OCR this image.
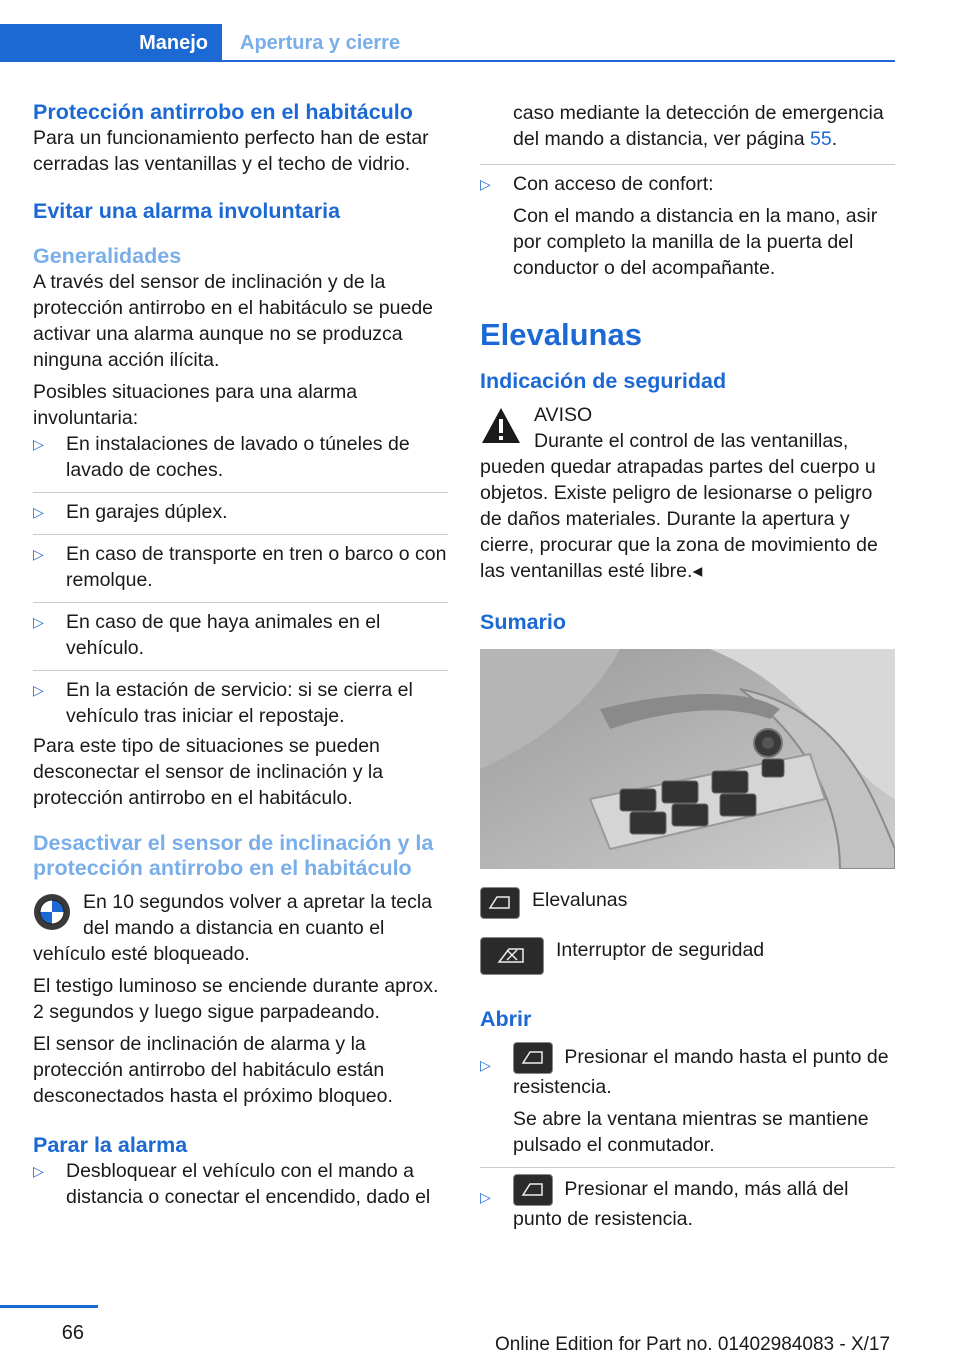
Manejo	Apertura y cierre
Protección antirrobo en el habitáculo

Para un funcionamiento perfecto han de estar cerradas las ventanillas y el techo de vidrio.

Evitar una alarma involuntaria
Generalidades

A través del sensor de inclinación y de la protección antirrobo en el habitáculo se puede activar una alarma aunque no se produzca ninguna acción ilícita.

Posibles situaciones para una alarma involuntaria:

▷ En instalaciones de lavado o túneles de lavado de coches.
▷ En garajes dúplex.
▷ En caso de transporte en tren o barco o con remolque.
▷ En caso de que haya animales en el vehículo.
▷ En la estación de servicio: si se cierra el vehículo tras iniciar el repostaje.

Para este tipo de situaciones se pueden desconectar el sensor de inclinación y la protección antirrobo en el habitáculo.

Desactivar el sensor de inclinación y la protección antirrobo en el habitáculo

En 10 segundos volver a apretar la tecla del mando a distancia en cuanto el vehículo esté bloqueado.

El testigo luminoso se enciende durante aprox. 2 segundos y luego sigue parpadeando.

El sensor de inclinación de alarma y la protección antirrobo del habitáculo están desconectados hasta el próximo bloqueo.

Parar la alarma
▷ Desbloquear el vehículo con el mando a distancia o conectar el encendido, dado el
caso mediante la detección de emergencia del mando a distancia, ver página 55.
▷ Con acceso de confort:

Con el mando a distancia en la mano, asir por completo la manilla de la puerta del conductor o del acompañante.

Elevalunas
Indicación de seguridad

AVISO

Durante el control de las ventanillas, pueden quedar atrapadas partes del cuerpo u objetos. Existe peligro de lesionarse o peligro de daños materiales. Durante la apertura y cierre, procurar que la zona de movimiento de las ventanillas esté libre.◂

Sumario
Elevalunas
Interruptor de seguridad
Abrir
▷	Presionar el mando hasta el punto de resistencia.

Se abre la ventana mientras se mantiene pulsado el conmutador.

▷	Presionar el mando, más allá del punto de resistencia.
66
Online Edition for Part no. 01402984083 - X/17
